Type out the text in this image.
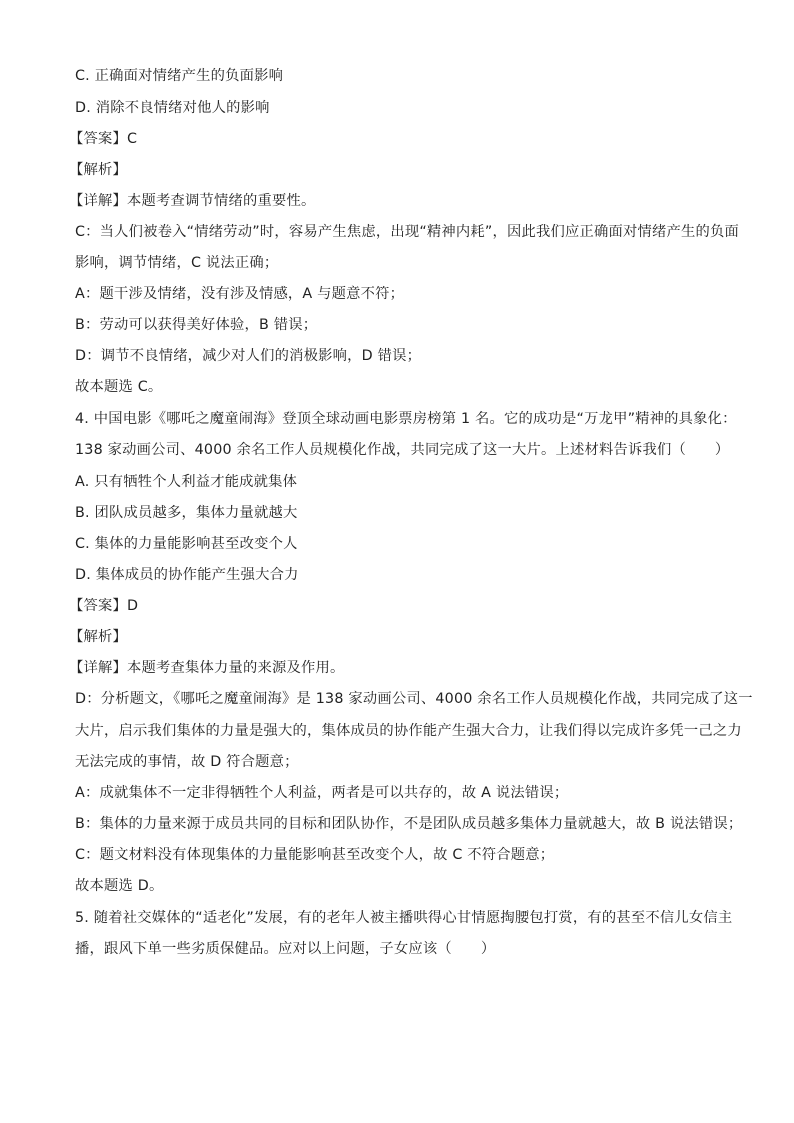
C. 正确面对情绪产生的负面影响
D. 消除不良情绪对他人的影响
【答案】C
【解析】
【详解】本题考查调节情绪的重要性。
C：当人们被卷入“情绪劳动”时，容易产生焦虑，出现“精神内耗”，因此我们应正确面对情绪产生的负面
影响，调节情绪，C 说法正确；
A：题干涉及情绪，没有涉及情感，A 与题意不符；
B：劳动可以获得美好体验，B 错误；
D：调节不良情绪，减少对人们的消极影响，D 错误；
故本题选 C。
4. 中国电影《哪吒之魔童闹海》登顶全球动画电影票房榜第 1 名。它的成功是“万龙甲”精神的具象化：
138 家动画公司、4000 余名工作人员规模化作战，共同完成了这一大片。上述材料告诉我们（　　）
A. 只有牺牲个人利益才能成就集体
B. 团队成员越多，集体力量就越大
C. 集体的力量能影响甚至改变个人
D. 集体成员的协作能产生强大合力
【答案】D
【解析】
【详解】本题考查集体力量的来源及作用。
D：分析题文，《哪吒之魔童闹海》是 138 家动画公司、4000 余名工作人员规模化作战，共同完成了这一
大片，启示我们集体的力量是强大的，集体成员的协作能产生强大合力，让我们得以完成许多凭一己之力
无法完成的事情，故 D 符合题意；
A：成就集体不一定非得牺牲个人利益，两者是可以共存的，故 A 说法错误；
B：集体的力量来源于成员共同的目标和团队协作，不是团队成员越多集体力量就越大，故 B 说法错误；
C：题文材料没有体现集体的力量能影响甚至改变个人，故 C 不符合题意；
故本题选 D。
5. 随着社交媒体的“适老化”发展，有的老年人被主播哄得心甘情愿掏腰包打赏，有的甚至不信儿女信主
播，跟风下单一些劣质保健品。应对以上问题，子女应该（　　）
